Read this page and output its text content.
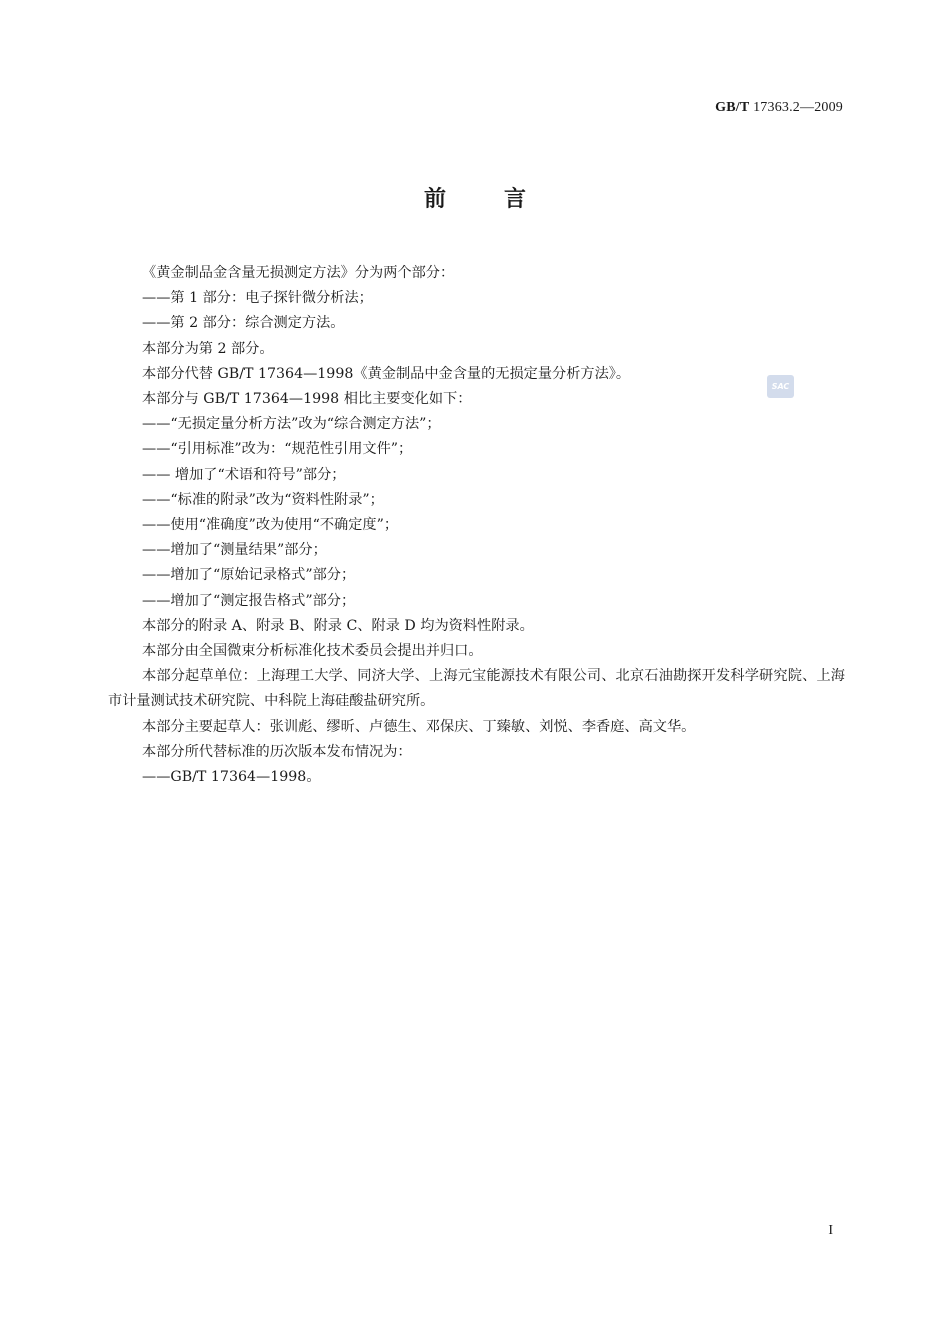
GB/T 17363.2—2009
前言
SAC

《黄金制品金含量无损测定方法》分为两个部分：

——第 1 部分：电子探针微分析法；

——第 2 部分：综合测定方法。

本部分为第 2 部分。

本部分代替 GB/T 17364—1998《黄金制品中金含量的无损定量分析方法》。

本部分与 GB/T 17364—1998 相比主要变化如下：

——“无损定量分析方法”改为“综合测定方法”；

——“引用标准”改为：“规范性引用文件”；

—— 增加了“术语和符号”部分；

——“标准的附录”改为“资料性附录”；

——使用“准确度”改为使用“不确定度”；

——增加了“测量结果”部分；

——增加了“原始记录格式”部分；

——增加了“测定报告格式”部分；

本部分的附录 A、附录 B、附录 C、附录 D 均为资料性附录。

本部分由全国微束分析标准化技术委员会提出并归口。

本部分起草单位：上海理工大学、同济大学、上海元宝能源技术有限公司、北京石油勘探开发科学研究院、上海市计量测试技术研究院、中科院上海硅酸盐研究所。

本部分主要起草人：张训彪、缪昕、卢德生、邓保庆、丁臻敏、刘悦、李香庭、高文华。

本部分所代替标准的历次版本发布情况为：

——GB/T 17364—1998。

I
